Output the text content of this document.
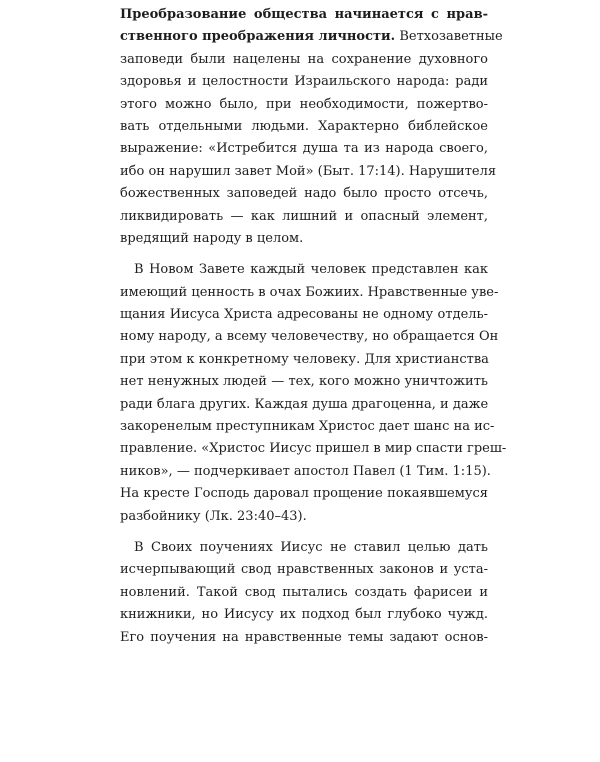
Преобразование общества начинается с нрав-
ственного преображения личности. Ветхозаветные
заповеди были нацелены на сохранение духовного
здоровья и целостности Израильского народа: ради
этого можно было, при необходимости, пожертво-
вать отдельными людьми. Характерно библейское
выражение: «Истребится душа та из народа своего,
ибо он нарушил завет Мой» (Быт. 17:14). Нарушителя
божественных заповедей надо было просто отсечь,
ликвидировать — как лишний и опасный элемент,
вредящий народу в целом.
В Новом Завете каждый человек представлен как
имеющий ценность в очах Божиих. Нравственные уве-
щания Иисуса Христа адресованы не одному отдель-
ному народу, а всему человечеству, но обращается Он
при этом к конкретному человеку. Для христианства
нет ненужных людей — тех, кого можно уничтожить
ради блага других. Каждая душа драгоценна, и даже
закоренелым преступникам Христос дает шанс на ис-
правление. «Христос Иисус пришел в мир спасти греш-
ников», — подчеркивает апостол Павел (1 Тим. 1:15).
На кресте Господь даровал прощение покаявшемуся
разбойнику (Лк. 23:40–43).
В Своих поучениях Иисус не ставил целью дать
исчерпывающий свод нравственных законов и уста-
новлений. Такой свод пытались создать фарисеи и
книжники, но Иисусу их подход был глубоко чужд.
Его поучения на нравственные темы задают основ-
